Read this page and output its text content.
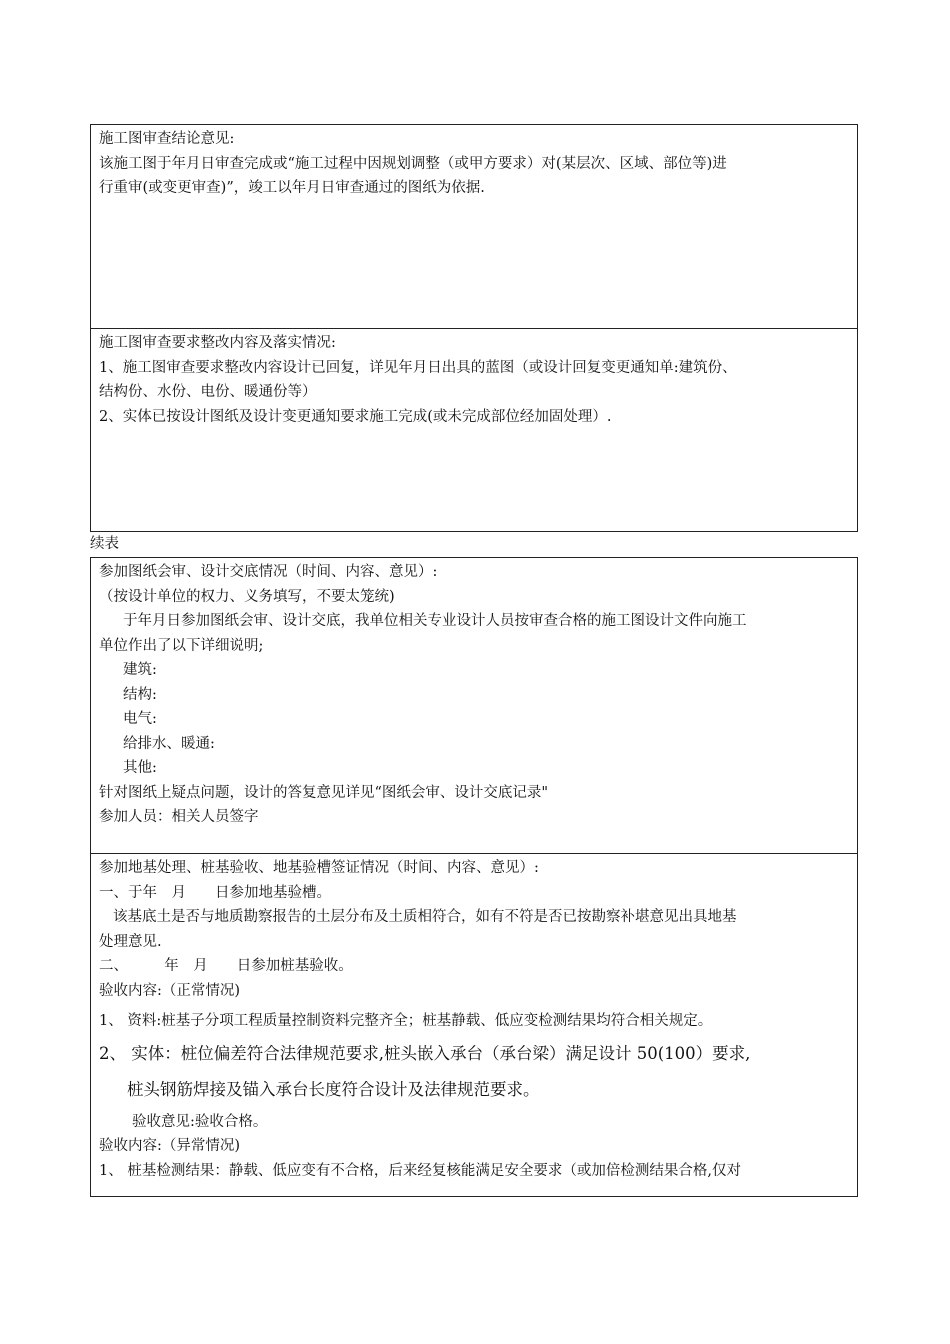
施工图审查结论意见:
该施工图于年月日审查完成或“施工过程中因规划调整（或甲方要求）对(某层次、区域、部位等)进
行重审(或变更审查)”，竣工以年月日审查通过的图纸为依据.
施工图审查要求整改内容及落实情况:
1、施工图审查要求整改内容设计已回复，详见年月日出具的蓝图（或设计回复变更通知单:建筑份、
结构份、水份、电份、暖通份等）
2、实体已按设计图纸及设计变更通知要求施工完成(或未完成部位经加固处理）.
续表
参加图纸会审、设计交底情况（时间、内容、意见）:
（按设计单位的权力、义务填写，不要太笼统)
于年月日参加图纸会审、设计交底，我单位相关专业设计人员按审查合格的施工图设计文件向施工
单位作出了以下详细说明;
建筑:
结构:
电气:
给排水、暖通:
其他:
针对图纸上疑点问题，设计的答复意见详见“图纸会审、设计交底记录"
参加人员：相关人员签字
参加地基处理、桩基验收、地基验槽签证情况（时间、内容、意见）:
一、于年　月　　日参加地基验槽。
该基底土是否与地质勘察报告的土层分布及土质相符合，如有不符是否已按勘察补堪意见出具地基
处理意见.
二、　　　年　月　　日参加桩基验收。
验收内容:（正常情况)
1、 资料:桩基子分项工程质量控制资料完整齐全；桩基静载、低应变检测结果均符合相关规定。
2、 实体：桩位偏差符合法律规范要求,桩头嵌入承台（承台梁）满足设计 50(100）要求,
桩头钢筋焊接及锚入承台长度符合设计及法律规范要求。
验收意见:验收合格。
验收内容:（异常情况)
1、 桩基检测结果：静载、低应变有不合格，后来经复核能满足安全要求（或加倍检测结果合格,仅对
